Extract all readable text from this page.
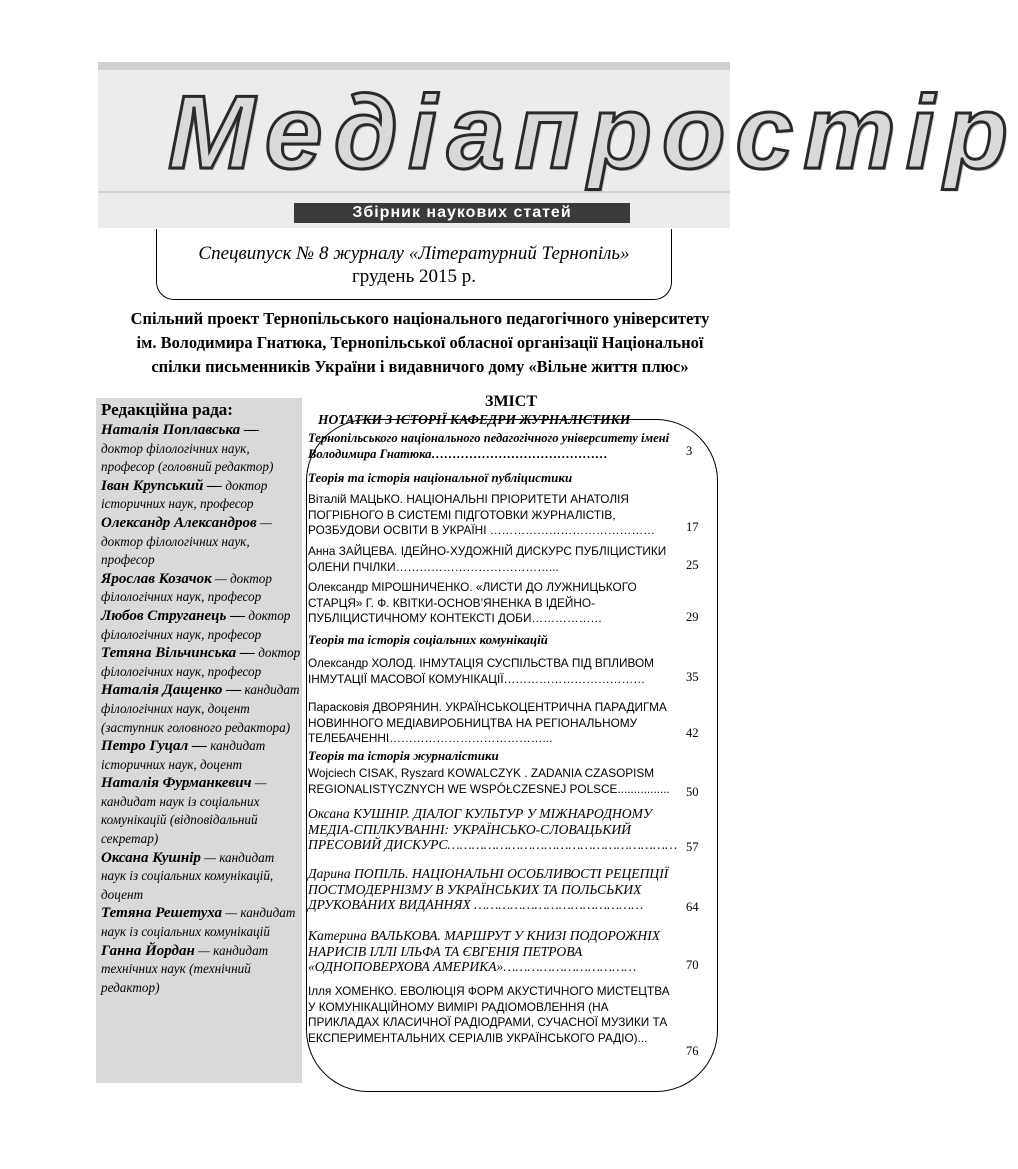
Медіапростір
Збірник наукових статей
Спецвипуск № 8 журналу «Літературний Тернопіль»
грудень 2015 р.
Спільний проект Тернопільського національного педагогічного університету
ім. Володимира Гнатюка, Тернопільської обласної організації Національної
спілки письменників України і видавничого дому «Вільне життя плюс»
Редакційна рада:
Наталія Поплавська — доктор філологічних наук, професор (головний редактор)
Іван Крупський — доктор історичних наук, професор
Олександр Александров — доктор філологічних наук, професор
Ярослав Козачок — доктор філологічних наук, професор
Любов Струганець — доктор філологічних наук, професор
Тетяна Вільчинська — доктор філологічних наук, професор
Наталія Дащенко — кандидат філологічних наук, доцент (заступник головного редактора)
Петро Гуцал — кандидат історичних наук, доцент
Наталія Фурманкевич — кандидат наук із соціальних комунікацій (відповідальний секретар)
Оксана Кушнір — кандидат наук із соціальних комунікацій, доцент
Тетяна Решетуха — кандидат наук із соціальних комунікацій
Ганна Йордан — кандидат технічних наук (технічний редактор)
ЗМІСТ
НОТАТКИ З ІСТОРІЇ КАФЕДРИ ЖУРНАЛІСТИКИ
Тернопільського національного педагогічного університету імені Володимира Гнатюка……………………………………	3
Теорія та історія національної публіцистики
Теорія та історія соціальних комунікацій
Теорія та історія журналістики
Віталій МАЦЬКО. НАЦІОНАЛЬНІ ПРІОРИТЕТИ АНАТОЛІЯ ПОГРІБНОГО В СИСТЕМІ ПІДГОТОВКИ ЖУРНАЛІСТІВ, РОЗБУДОВИ ОСВІТИ В УКРАЇНІ ……………………………………	17
Анна ЗАЙЦЕВА. ІДЕЙНО-ХУДОЖНІЙ ДИСКУРС ПУБЛІЦИСТИКИ ОЛЕНИ ПЧІЛКИ…………………………………...	25
Олександр МІРОШНИЧЕНКО. «ЛИСТИ ДО ЛУЖНИЦЬКОГО СТАРЦЯ» Г. Ф. КВІТКИ-ОСНОВ’ЯНЕНКА В ІДЕЙНО-ПУБЛІЦИСТИЧНОМУ КОНТЕКСТІ ДОБИ………………	29
Олександр ХОЛОД. ІНМУТАЦІЯ СУСПІЛЬСТВА ПІД ВПЛИВОМ ІНМУТАЦІЇ МАСОВОЇ КОМУНІКАЦІЇ………………………………	35
Парасковія ДВОРЯНИН. УКРАЇНСЬКОЦЕНТРИЧНА ПАРАДИГМА НОВИННОГО МЕДІАВИРОБНИЦТВА НА РЕГІОНАЛЬНОМУ ТЕЛЕБАЧЕННІ…………………………………...	42
Wojciech CISAK, Ryszard KOWALCZYK . ZADANIA CZASOPISM REGIONALISTYCZNYCH WE WSPÓŁCZESNEJ POLSCE................	50
Оксана КУШНІР. ДІАЛОГ КУЛЬТУР У МІЖНАРОДНОМУ МЕДІА-СПІЛКУВАННІ: УКРАЇНСЬКО-СЛОВАЦЬКИЙ ПРЕСОВИЙ ДИСКУРС………………………………………………… 57
Дарина ПОПІЛЬ. НАЦІОНАЛЬНІ ОСОБЛИВОСТІ РЕЦЕПЦІЇ ПОСТМОДЕРНІЗМУ В УКРАЇНСЬКИХ ТА ПОЛЬСЬКИХ ДРУКОВАНИХ ВИДАННЯХ ……………………………………	64
Катерина ВАЛЬКОВА. МАРШРУТ У КНИЗІ ПОДОРОЖНІХ НАРИСІВ ІЛЛІ ІЛЬФА ТА ЄВГЕНІЯ ПЕТРОВА «ОДНОПОВЕРХОВА АМЕРИКА»……………………………	70
Ілля ХОМЕНКО. ЕВОЛЮЦІЯ ФОРМ АКУСТИЧНОГО МИСТЕЦТВА У КОМУНІКАЦІЙНОМУ ВИМІРІ РАДІОМОВЛЕННЯ (НА ПРИКЛАДАХ КЛАСИЧНОЇ РАДІОДРАМИ, СУЧАСНОЇ МУЗИКИ ТА ЕКСПЕРИМЕНТАЛЬНИХ СЕРІАЛІВ УКРАЇНСЬКОГО РАДІО)...
76
